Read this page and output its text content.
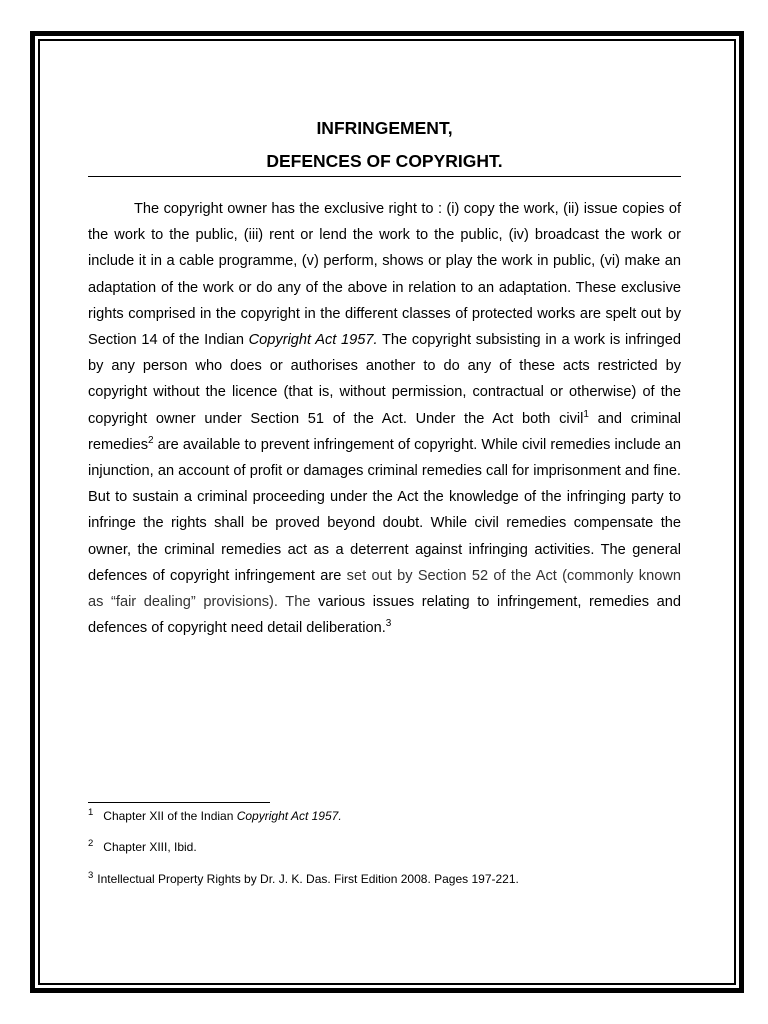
INFRINGEMENT,
DEFENCES OF COPYRIGHT.

The copyright owner has the exclusive right to : (i) copy the work, (ii) issue copies of the work to the public, (iii) rent or lend the work to the public, (iv) broadcast the work or include it in a cable programme, (v) perform, shows or play the work in public, (vi) make an adaptation of the work or do any of the above in relation to an adaptation. These exclusive rights comprised in the copyright in the different classes of protected works are spelt out by Section 14 of the Indian Copyright Act 1957. The copyright subsisting in a work is infringed by any person who does or authorises another to do any of these acts restricted by copyright without the licence (that is, without permission, contractual or otherwise) of the copyright owner under Section 51 of the Act. Under the Act both civil$^1$ and criminal remedies$^2$ are available to prevent infringement of copyright. While civil remedies include an injunction, an account of profit or damages criminal remedies call for imprisonment and fine. But to sustain a criminal proceeding under the Act the knowledge of the infringing party to infringe the rights shall be proved beyond doubt. While civil remedies compensate the owner, the criminal remedies act as a deterrent against infringing activities. The general defences of copyright infringement are set out by Section 52 of the Act (commonly known as “fair dealing” provisions). The various issues relating to infringement, remedies and defences of copyright need detail deliberation.$^3$

$^1$ Chapter XII of the Indian Copyright Act 1957.
$^2$ Chapter XIII, Ibid.
$^3$ Intellectual Property Rights by Dr. J. K. Das. First Edition 2008. Pages 197-221.
